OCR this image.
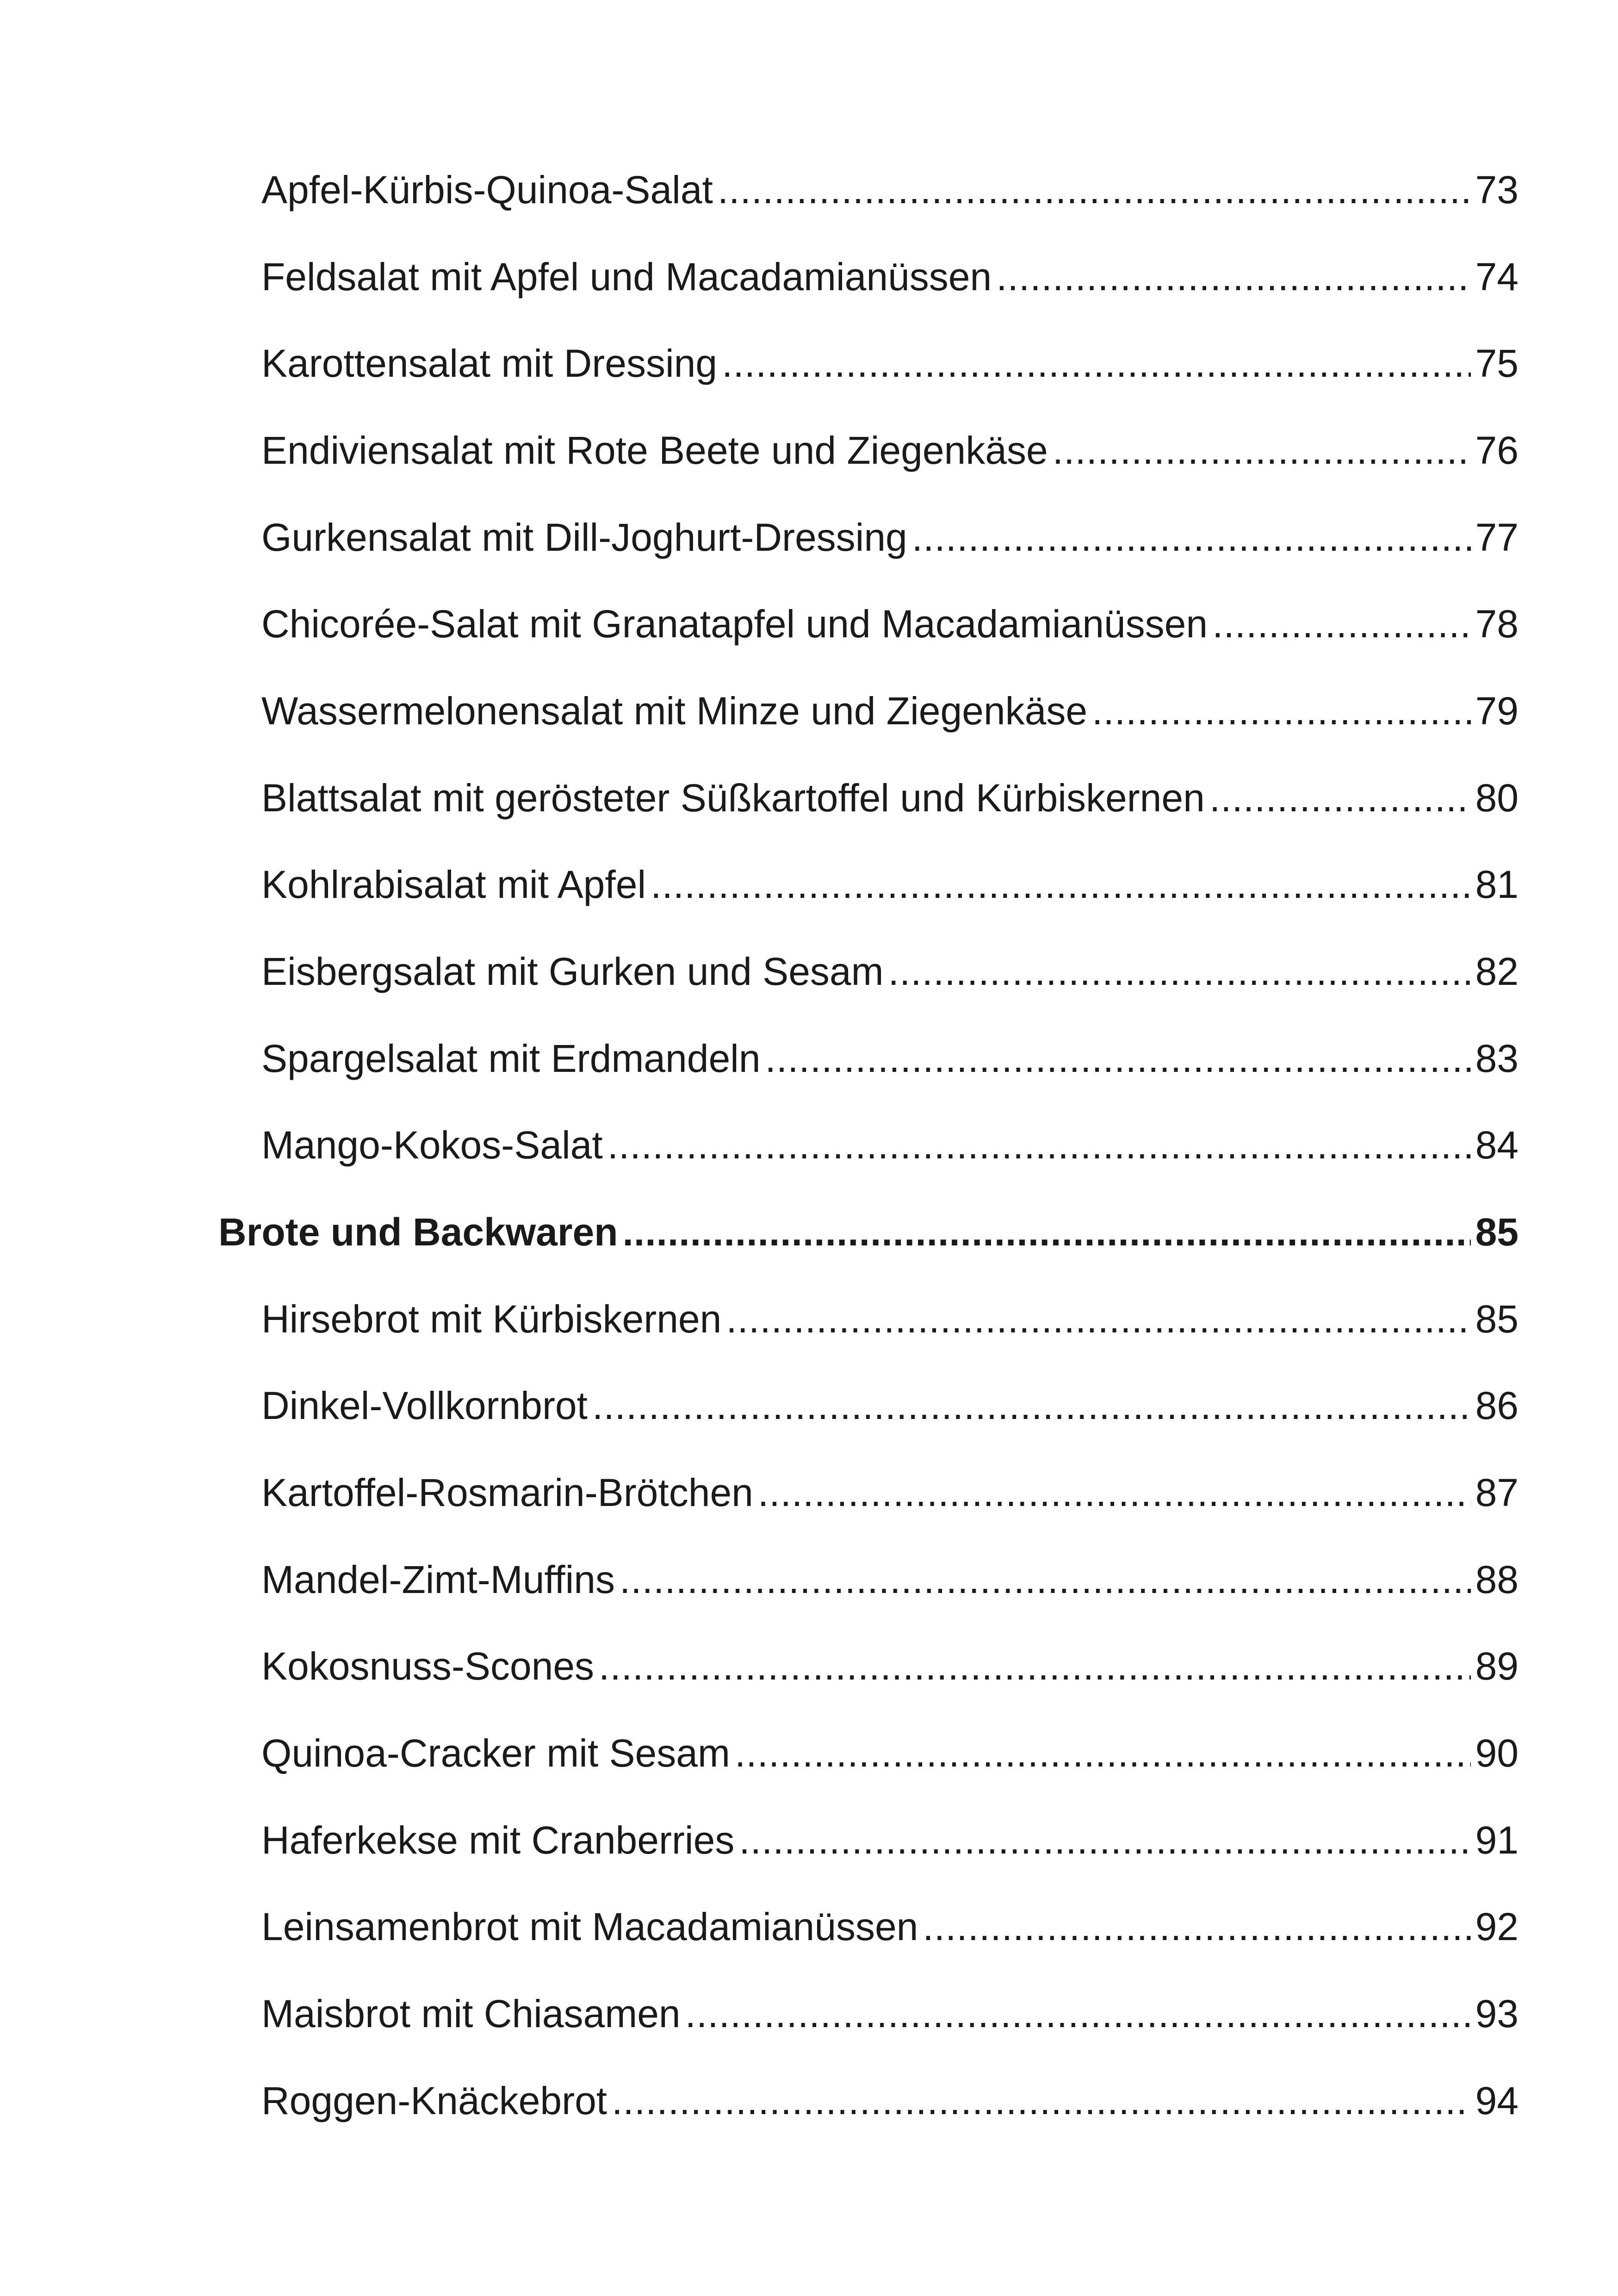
Apfel-Kürbis-Quinoa-Salat .....	73
Feldsalat mit Apfel und Macadamianüssen .....	74
Karottensalat mit Dressing .....	75
Endiviensalat mit Rote Beete und Ziegenkäse .....	76
Gurkensalat mit Dill-Joghurt-Dressing .....	77
Chicorée-Salat mit Granatapfel und Macadamianüssen .....	78
Wassermelonensalat mit Minze und Ziegenkäse .....	79
Blattsalat mit gerösteter Süßkartoffel und Kürbiskernen .....	80
Kohlrabisalat mit Apfel .....	81
Eisbergsalat mit Gurken und Sesam .....	82
Spargelsalat mit Erdmandeln .....	83
Mango-Kokos-Salat .....	84
Brote und Backwaren .....	85
Hirsebrot mit Kürbiskernen .....	85
Dinkel-Vollkornbrot .....	86
Kartoffel-Rosmarin-Brötchen .....	87
Mandel-Zimt-Muffins .....	88
Kokosnuss-Scones .....	89
Quinoa-Cracker mit Sesam .....	90
Haferkekse mit Cranberries .....	91
Leinsamenbrot mit Macadamianüssen .....	92
Maisbrot mit Chiasamen .....	93
Roggen-Knäckebrot .....	94
